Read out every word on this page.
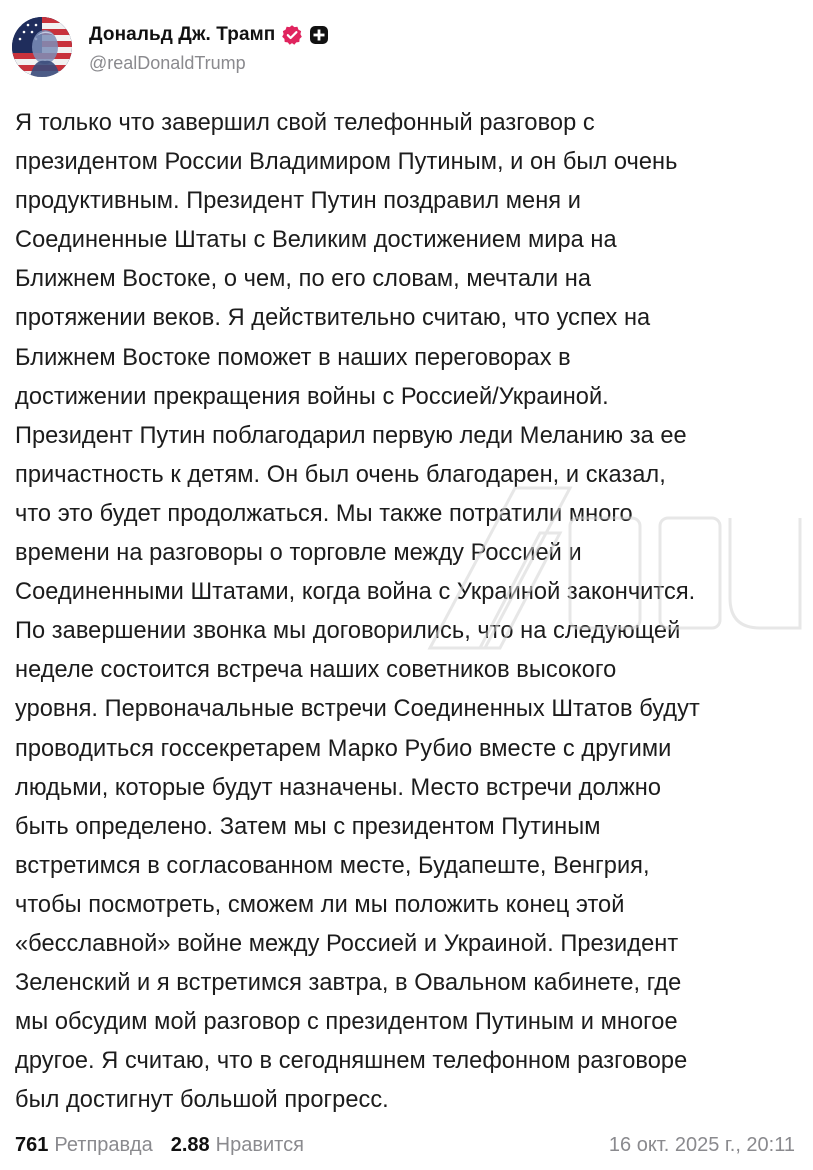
Дональд Дж. Трамп
@realDonaldTrump
Я только что завершил свой телефонный разговор с
президентом России Владимиром Путиным, и он был очень
продуктивным. Президент Путин поздравил меня и
Соединенные Штаты с Великим достижением мира на
Ближнем Востоке, о чем, по его словам, мечтали на
протяжении веков. Я действительно считаю, что успех на
Ближнем Востоке поможет в наших переговорах в
достижении прекращения войны с Россией/Украиной.
Президент Путин поблагодарил первую леди Меланию за ее
причастность к детям. Он был очень благодарен, и сказал,
что это будет продолжаться. Мы также потратили много
времени на разговоры о торговле между Россией и
Соединенными Штатами, когда война с Украиной закончится.
По завершении звонка мы договорились, что на следующей
неделе состоится встреча наших советников высокого
уровня. Первоначальные встречи Соединенных Штатов будут
проводиться госсекретарем Марко Рубио вместе с другими
людьми, которые будут назначены. Место встречи должно
быть определено. Затем мы с президентом Путиным
встретимся в согласованном месте, Будапеште, Венгрия,
чтобы посмотреть, сможем ли мы положить конец этой
«бесславной» войне между Россией и Украиной. Президент
Зеленский и я встретимся завтра, в Овальном кабинете, где
мы обсудим мой разговор с президентом Путиным и многое
другое. Я считаю, что в сегодняшнем телефонном разговоре
был достигнут большой прогресс.
761 Ретправда 2.88 Нравится	16 окт. 2025 г., 20:11
